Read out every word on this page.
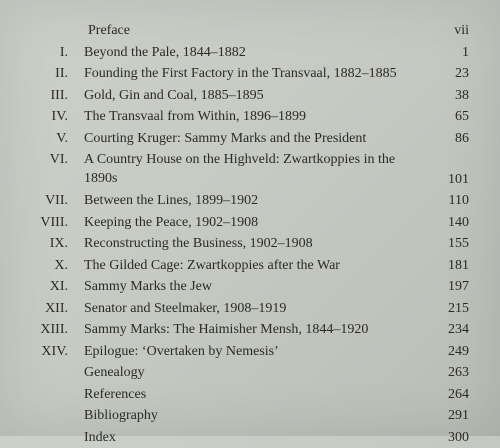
Preface	vii
I. Beyond the Pale, 1844–1882	1
II. Founding the First Factory in the Transvaal, 1882–1885	23
III. Gold, Gin and Coal, 1885–1895	38
IV. The Transvaal from Within, 1896–1899	65
V. Courting Kruger: Sammy Marks and the President	86
VI. A Country House on the Highveld: Zwartkoppies in the 1890s	101
VII. Between the Lines, 1899–1902	110
VIII. Keeping the Peace, 1902–1908	140
IX. Reconstructing the Business, 1902–1908	155
X. The Gilded Cage: Zwartkoppies after the War	181
XI. Sammy Marks the Jew	197
XII. Senator and Steelmaker, 1908–1919	215
XIII. Sammy Marks: The Haimisher Mensh, 1844–1920	234
XIV. Epilogue: ‘Overtaken by Nemesis’	249
Genealogy	263
References	264
Bibliography	291
Index	300
